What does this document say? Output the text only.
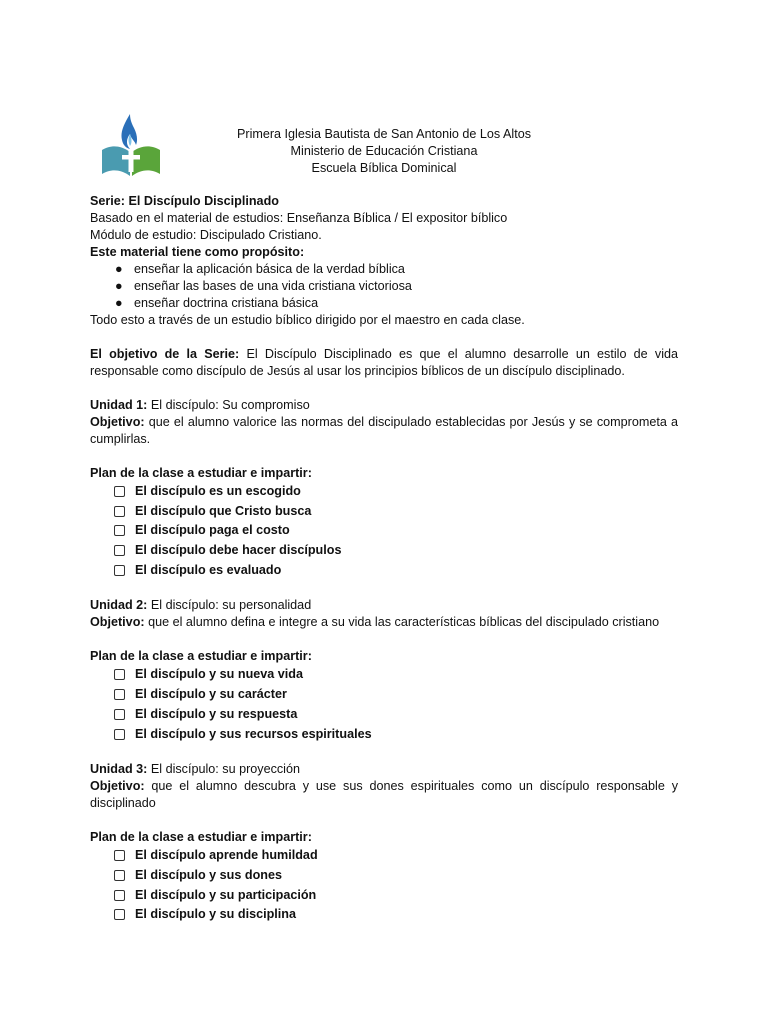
Primera Iglesia Bautista de San Antonio de Los Altos
Ministerio de Educación Cristiana
Escuela Bíblica Dominical
Serie: El Discípulo Disciplinado
Basado en el material de estudios: Enseñanza Bíblica / El expositor bíblico
Módulo de estudio: Discipulado Cristiano.
Este material tiene como propósito:
● enseñar la aplicación básica de la verdad bíblica
● enseñar las bases de una vida cristiana victoriosa
● enseñar doctrina cristiana básica
Todo esto a través de un estudio bíblico dirigido por el maestro en cada clase.
El objetivo de la Serie: El Discípulo Disciplinado es que el alumno desarrolle un estilo de vida responsable como discípulo de Jesús al usar los principios bíblicos de un discípulo disciplinado.
Unidad 1: El discípulo: Su compromiso
Objetivo: que el alumno valorice las normas del discipulado establecidas por Jesús y se comprometa a cumplirlas.
Plan de la clase a estudiar e impartir:
El discípulo es un escogido
El discípulo que Cristo busca
El discípulo paga el costo
El discípulo debe hacer discípulos
El discípulo es evaluado
Unidad 2: El discípulo: su personalidad
Objetivo: que el alumno defina e integre a su vida las características bíblicas del discipulado cristiano
Plan de la clase a estudiar e impartir:
El discípulo y su nueva vida
El discípulo y su carácter
El discípulo y su respuesta
El discípulo y sus recursos espirituales
Unidad 3: El discípulo: su proyección
Objetivo: que el alumno descubra y use sus dones espirituales como un discípulo responsable y disciplinado
Plan de la clase a estudiar e impartir:
El discípulo aprende humildad
El discípulo y sus dones
El discípulo y su participación
El discípulo y su disciplina
